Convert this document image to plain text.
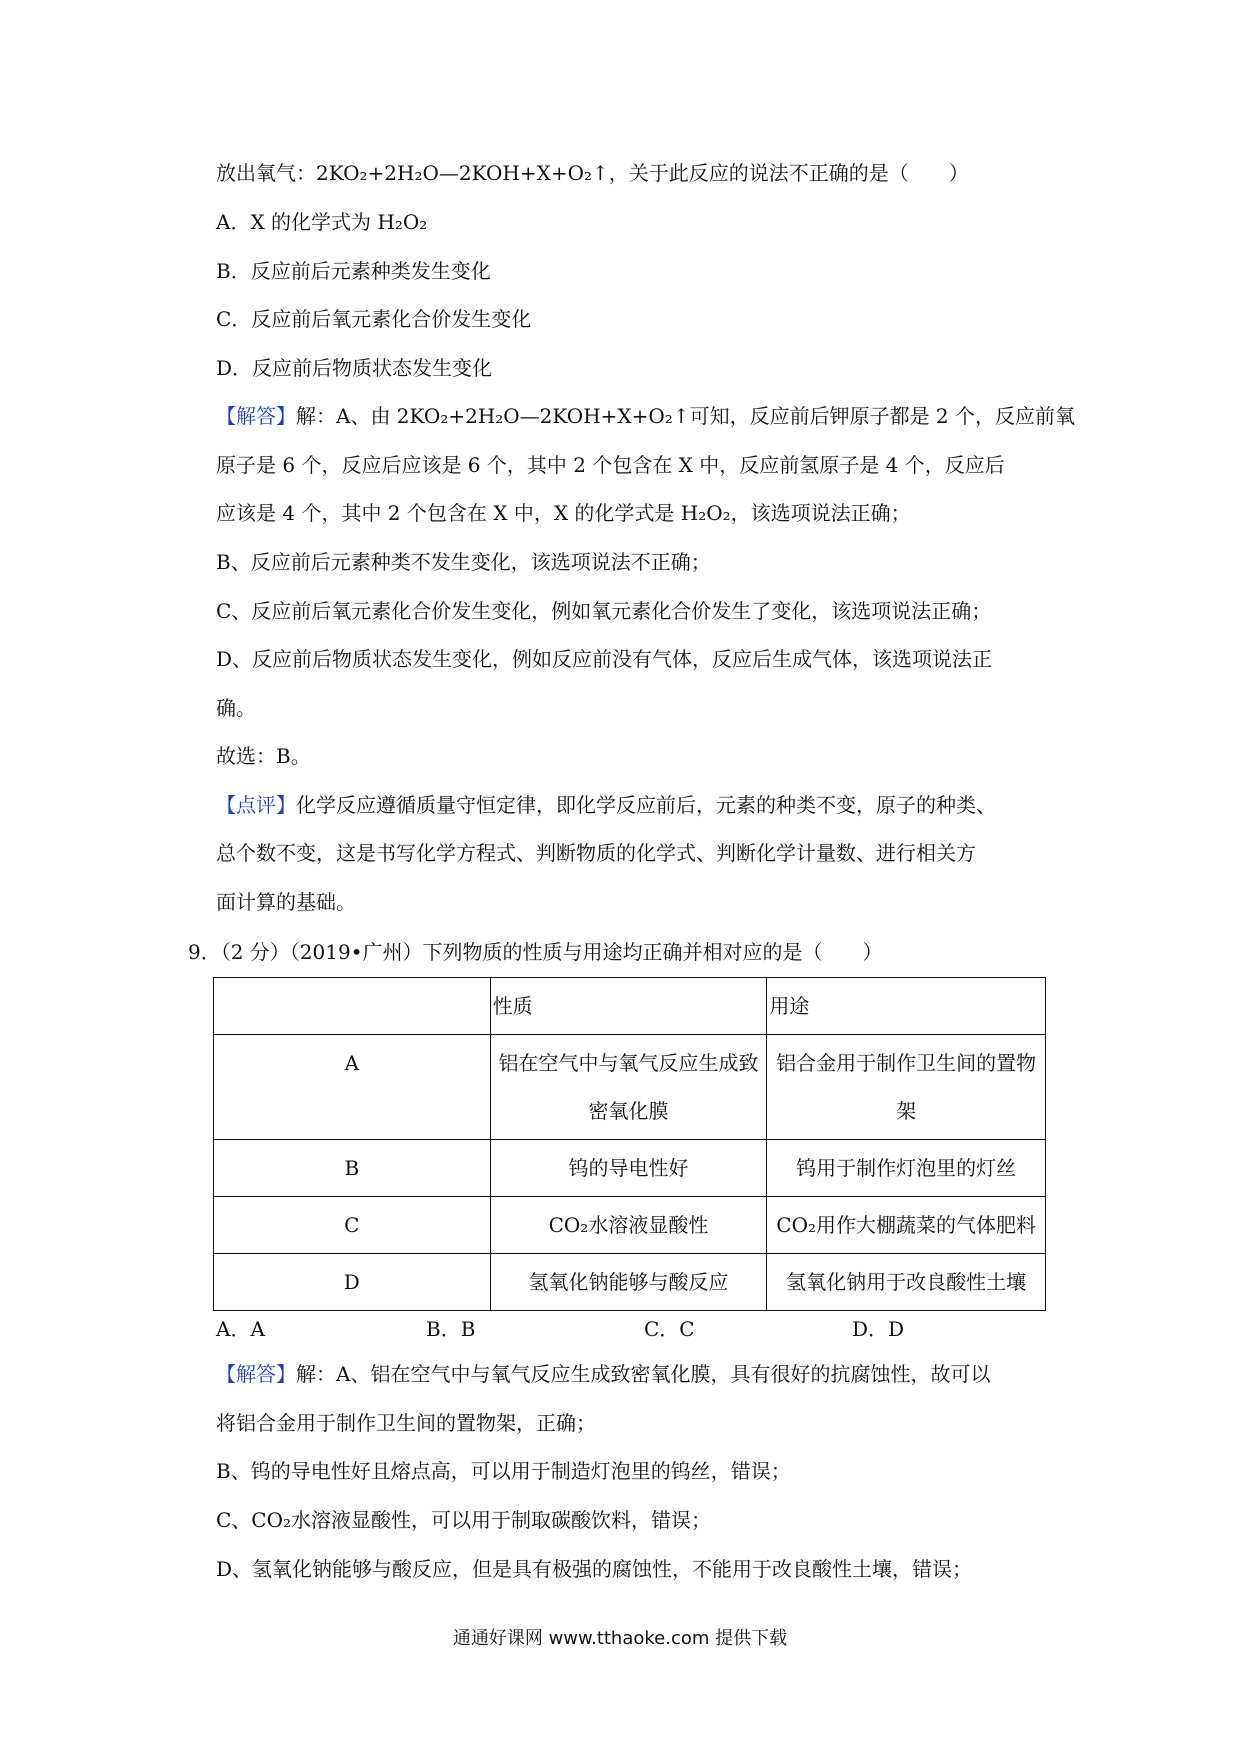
放出氧气：2KO₂+2H₂O—2KOH+X+O₂↑，关于此反应的说法不正确的是（　　）
A．X 的化学式为 H₂O₂
B．反应前后元素种类发生变化
C．反应前后氧元素化合价发生变化
D．反应前后物质状态发生变化
【解答】解：A、由 2KO₂+2H₂O—2KOH+X+O₂↑可知，反应前后钾原子都是 2 个，反应前氧
原子是 6 个，反应后应该是 6 个，其中 2 个包含在 X 中，反应前氢原子是 4 个，反应后
应该是 4 个，其中 2 个包含在 X 中，X 的化学式是 H₂O₂，该选项说法正确；
B、反应前后元素种类不发生变化，该选项说法不正确；
C、反应前后氧元素化合价发生变化，例如氧元素化合价发生了变化，该选项说法正确；
D、反应前后物质状态发生变化，例如反应前没有气体，反应后生成气体，该选项说法正
确。
故选：B。
【点评】化学反应遵循质量守恒定律，即化学反应前后，元素的种类不变，原子的种类、
总个数不变，这是书写化学方程式、判断物质的化学式、判断化学计量数、进行相关方
面计算的基础。
9．（2 分）（2019•广州）下列物质的性质与用途均正确并相对应的是（　　）
	性质	用途
A	铝在空气中与氧气反应生成致密氧化膜	铝合金用于制作卫生间的置物架
B	钨的导电性好	钨用于制作灯泡里的灯丝
C	CO₂水溶液显酸性	CO₂用作大棚蔬菜的气体肥料
D	氢氧化钠能够与酸反应	氢氧化钠用于改良酸性土壤
A．A	B．B	C．C	D．D
【解答】解：A、铝在空气中与氧气反应生成致密氧化膜，具有很好的抗腐蚀性，故可以
将铝合金用于制作卫生间的置物架，正确；
B、钨的导电性好且熔点高，可以用于制造灯泡里的钨丝，错误；
C、CO₂水溶液显酸性，可以用于制取碳酸饮料，错误；
D、氢氧化钠能够与酸反应，但是具有极强的腐蚀性，不能用于改良酸性土壤，错误；
通通好课网 www.tthaoke.com 提供下载
